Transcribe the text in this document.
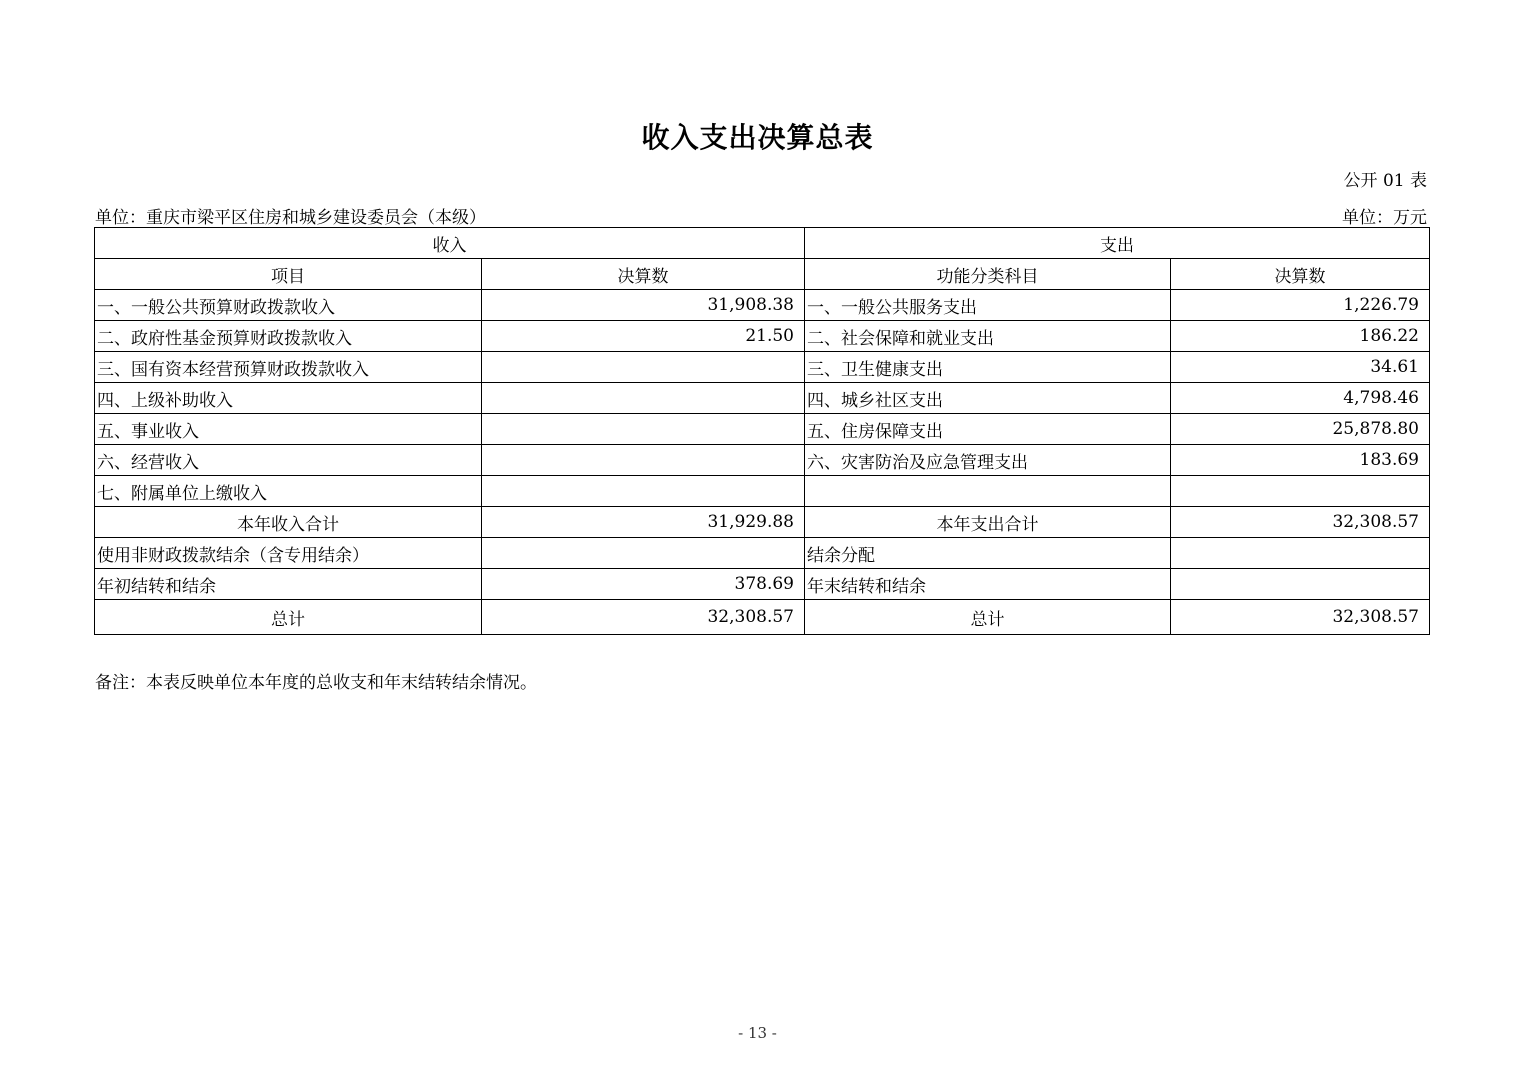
收入支出决算总表
公开 01 表
单位：重庆市梁平区住房和城乡建设委员会（本级）	单位：万元
收入		支出	
项目	决算数	功能分类科目	决算数
一、一般公共预算财政拨款收入	31,908.38	一、一般公共服务支出	1,226.79
二、政府性基金预算财政拨款收入	21.50	二、社会保障和就业支出	186.22
三、国有资本经营预算财政拨款收入		三、卫生健康支出	34.61
四、上级补助收入		四、城乡社区支出	4,798.46
五、事业收入		五、住房保障支出	25,878.80
六、经营收入		六、灾害防治及应急管理支出	183.69
七、附属单位上缴收入			
本年收入合计	31,929.88	本年支出合计	32,308.57
使用非财政拨款结余（含专用结余）		结余分配	
年初结转和结余	378.69	年末结转和结余	
总计	32,308.57	总计	32,308.57
备注：本表反映单位本年度的总收支和年末结转结余情况。
- 13 -
